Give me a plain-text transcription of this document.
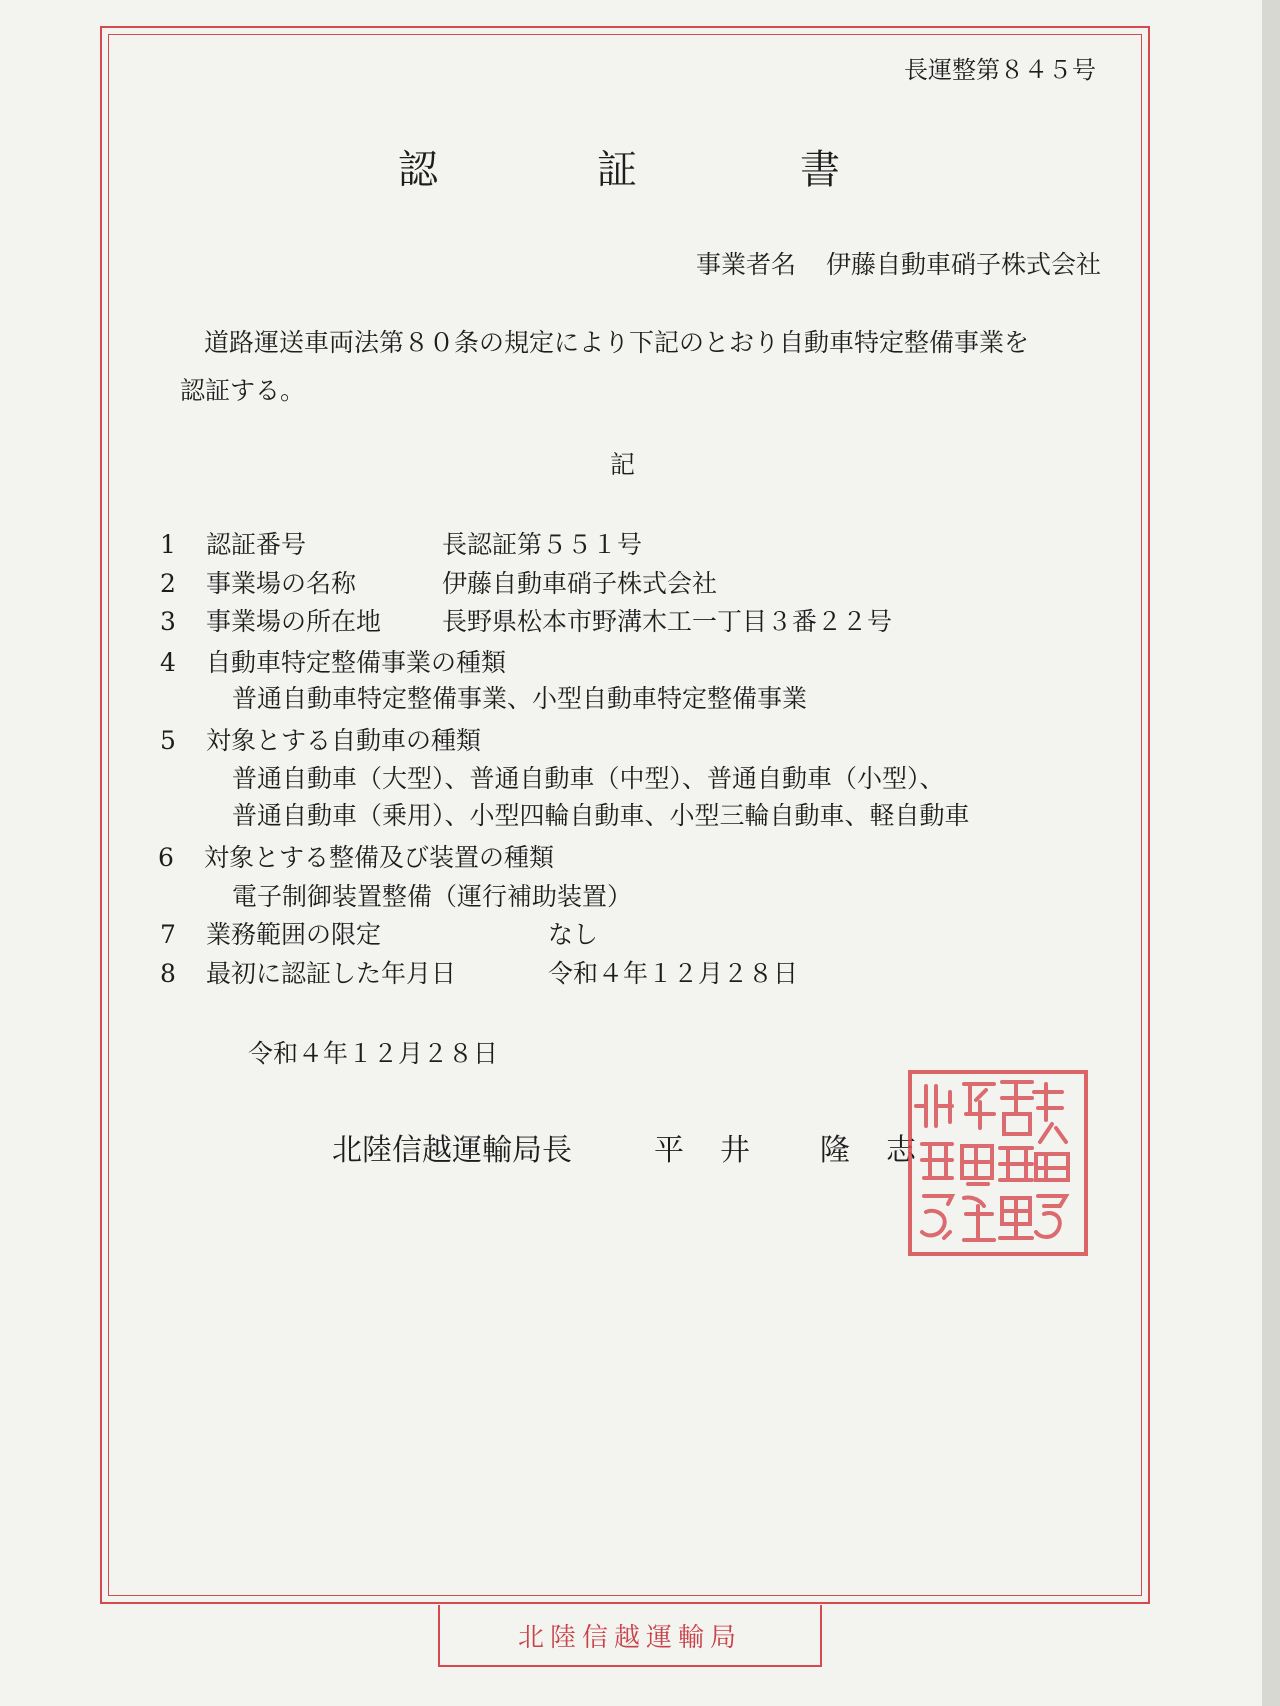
長運整第８４５号
認	証	書
事業者名 伊藤自動車硝子株式会社
道路運送車両法第８０条の規定により下記のとおり自動車特定整備事業を
認証する。
記
1 認証番号	長認証第５５１号
2 事業場の名称	伊藤自動車硝子株式会社
3 事業場の所在地 長野県松本市野溝木工一丁目３番２２号
4 自動車特定整備事業の種類
普通自動車特定整備事業、小型自動車特定整備事業
5 対象とする自動車の種類
普通自動車（大型）、普通自動車（中型）、普通自動車（小型）、
普通自動車（乗用）、小型四輪自動車、小型三輪自動車、軽自動車
6 対象とする整備及び装置の種類
電子制御装置整備（運行補助装置）
7 業務範囲の限定	なし
8 最初に認証した年月日	令和４年１２月２８日
令和４年１２月２８日
北陸信越運輸局長	平 井 隆 志
北陸信越運輸局
